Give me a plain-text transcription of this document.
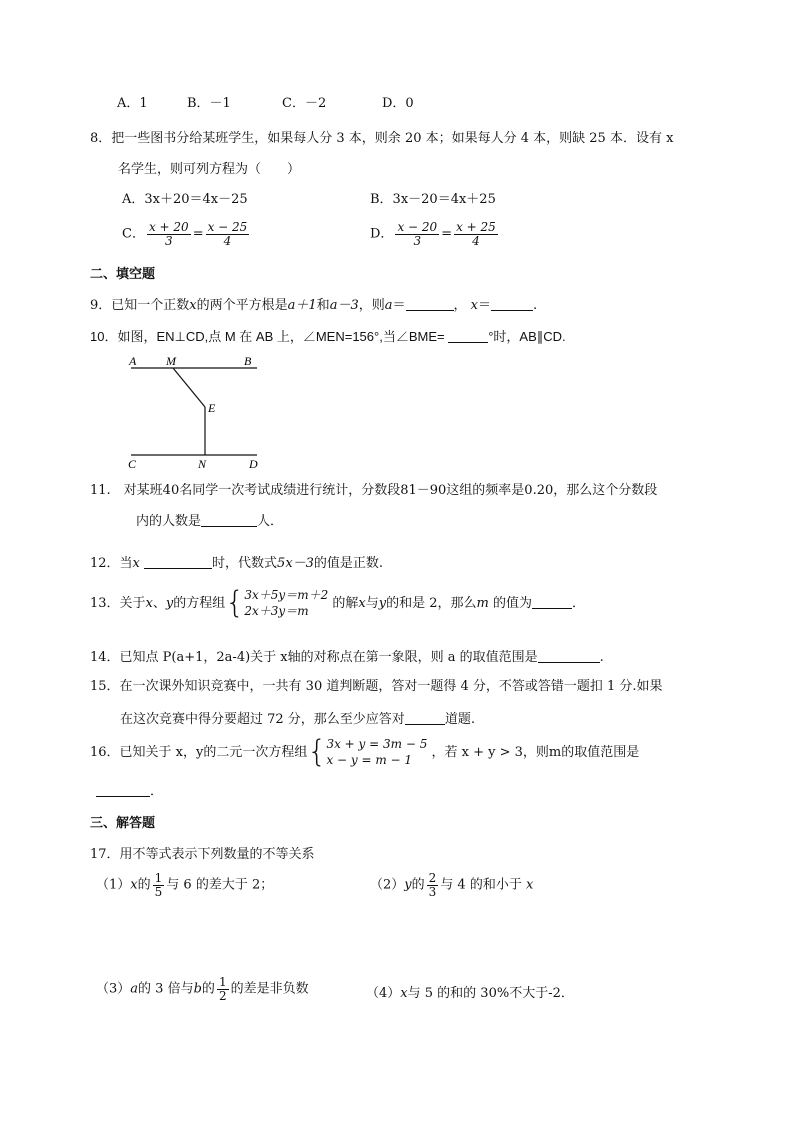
A．1	B．－1	C．－2	D．0
8．把一些图书分给某班学生，如果每人分 3 本，则余 20 本；如果每人分 4 本，则缺 25 本．设有 x
名学生，则可列方程为（　　）
A．3x＋20＝4x－25	B．3x－20＝4x＋25
C． $\frac{x + 20}{3} = \frac{x - 25}{4}$	D． $\frac{x - 20}{3} = \frac{x + 25}{4}$
二、填空题
9．已知一个正数x的两个平方根是a＋1和a－3，则a＝	， x＝	.
10．如图，EN⊥CD,点 M 在 AB 上，∠MEN=156°,当∠BME=	°时，AB∥CD.
A M	B
E
C	N	D
11.　对某班40名同学一次考试成绩进行统计，分数段81－90这组的频率是0.20，那么这个分数段
内的人数是	人．
12．当x	时，代数式5x－3的值是正数.
13．关于x、y的方程组{3x＋5y＝m＋2
2x＋3y＝m 的解x与y的和是 2，那么m 的值为	．
14．已知点 P(a+1，2a-4)关于 x轴的对称点在第一象限，则 a 的取值范围是	.
15．在一次课外知识竞赛中，一共有 30 道判断题，答对一题得 4 分，不答或答错一题扣 1 分.如果
在这次竞赛中得分要超过 72 分，那么至少应答对	道题.
16．已知关于 x，y的二元一次方程组{3x + y = 3m − 5
x − y = m − 1 ，若 x + y > 3，则m的取值范围是
．
三、解答题
17．用不等式表示下列数量的不等关系
（1）x的 $\frac{1}{5}$ 与 6 的差大于 2；	（2）y的 $\frac{2}{3}$ 与 4 的和小于 x
（3）a的 3 倍与b的 $\frac{1}{2}$ 的差是非负数	（4）x与 5 的和的 30%不大于-2．
